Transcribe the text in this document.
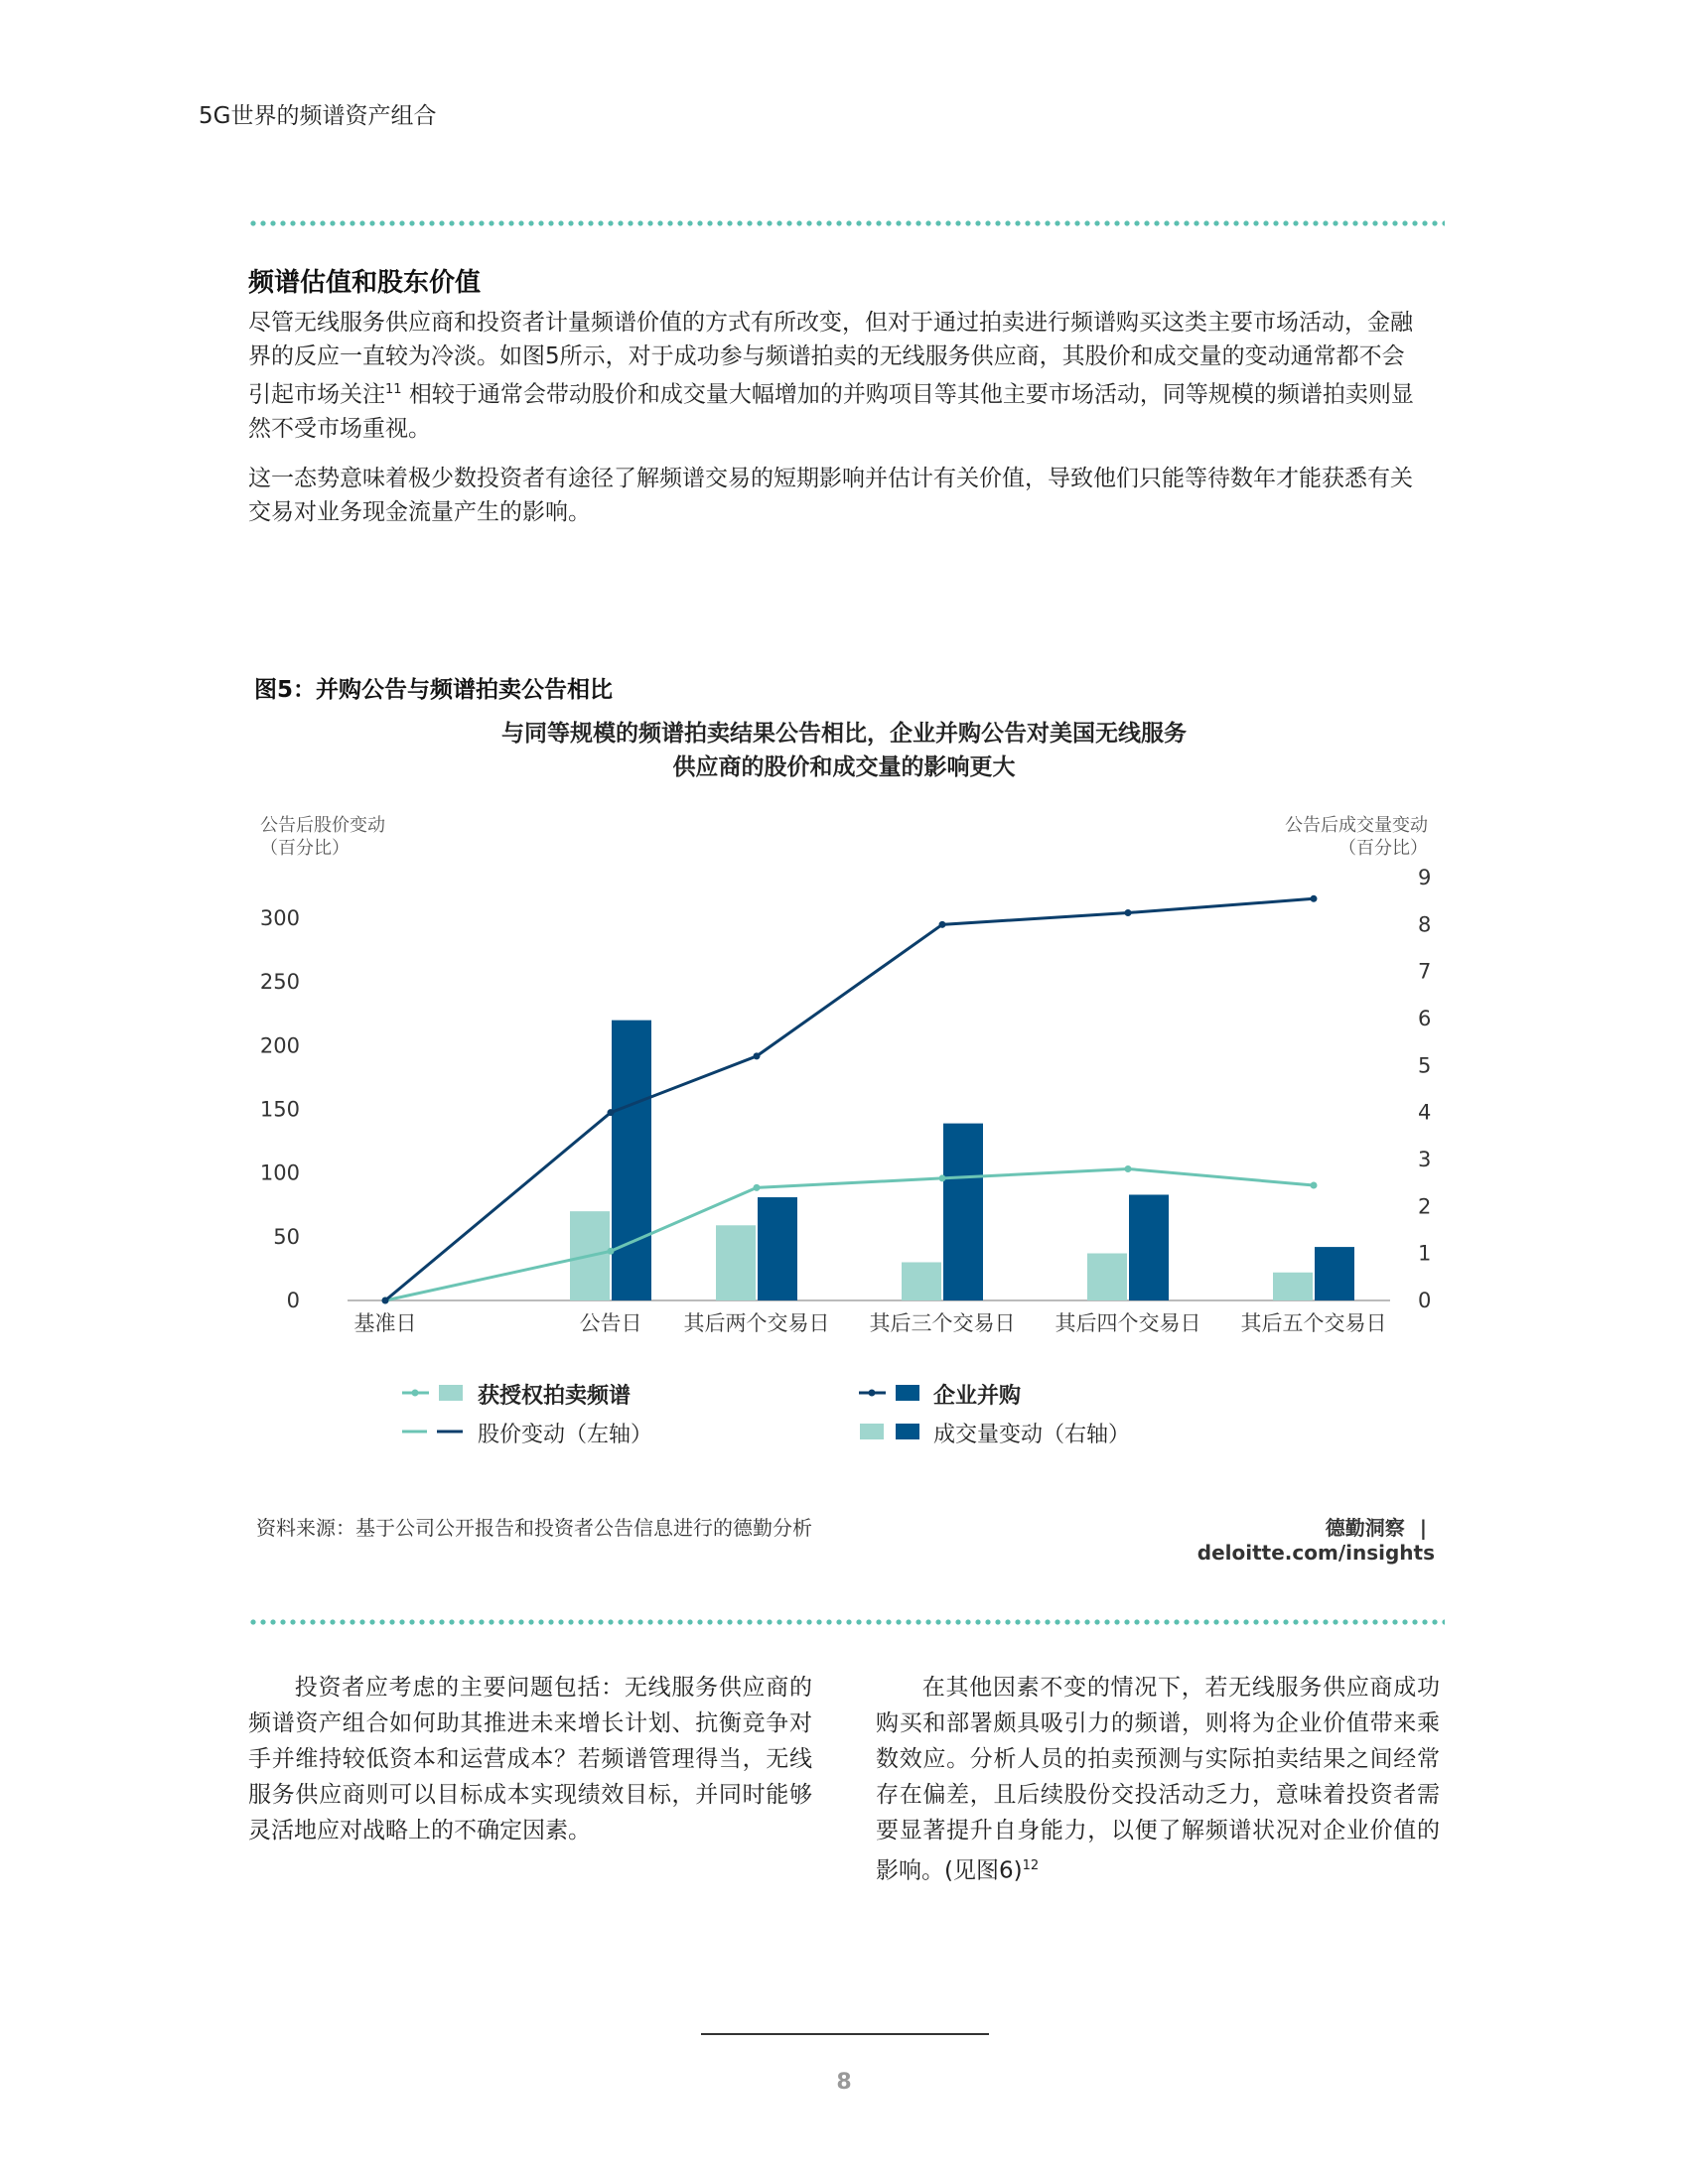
5G世界的频谱资产组合
频谱估值和股东价值

尽管无线服务供应商和投资者计量频谱价值的方式有所改变，但对于通过拍卖进行频谱购买这类主要市场活动，金融界的反应一直较为冷淡。如图5所示，对于成功参与频谱拍卖的无线服务供应商，其股价和成交量的变动通常都不会引起市场关注$^{11}$ 相较于通常会带动股价和成交量大幅增加的并购项目等其他主要市场活动，同等规模的频谱拍卖则显然不受市场重视。

这一态势意味着极少数投资者有途径了解频谱交易的短期影响并估计有关价值，导致他们只能等待数年才能获悉有关交易对业务现金流量产生的影响。

图5：并购公告与频谱拍卖公告相比
与同等规模的频谱拍卖结果公告相比，企业并购公告对美国无线服务
供应商的股价和成交量的影响更大
公告后股价变动
（百分比）
公告后成交量变动
（百分比）
0
50
100
150
200
250
300
0
1
2
3
4
5
6
7
8
9
基准日	公告日 其后两个交易日 其后三个交易日 其后四个交易日 其后五个交易日
获授权拍卖频谱	企业并购
股价变动（左轴）	成交量变动（右轴）
资料来源：基于公司公开报告和投资者公告信息进行的德勤分析	德勤洞察 | deloitte.com/insights

投资者应考虑的主要问题包括：无线服务供应商的频谱资产组合如何助其推进未来增长计划、抗衡竞争对手并维持较低资本和运营成本？若频谱管理得当，无线服务供应商则可以目标成本实现绩效目标，并同时能够灵活地应对战略上的不确定因素。

在其他因素不变的情况下，若无线服务供应商成功购买和部署颇具吸引力的频谱，则将为企业价值带来乘数效应。分析人员的拍卖预测与实际拍卖结果之间经常存在偏差，且后续股份交投活动乏力，意味着投资者需要显著提升自身能力，以便了解频谱状况对企业价值的影响。(见图6)$^{12}$

8
